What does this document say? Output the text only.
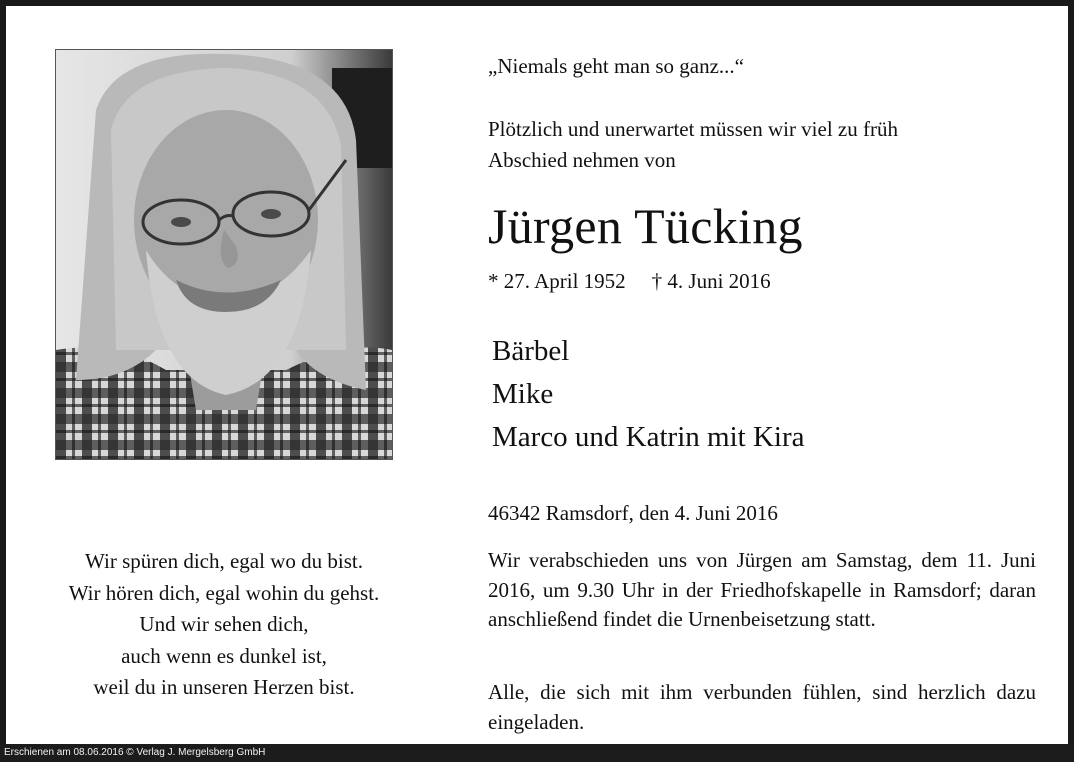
Wir spüren dich, egal wo du bist.
Wir hören dich, egal wohin du gehst.
Und wir sehen dich,
auch wenn es dunkel ist,
weil du in unseren Herzen bist.
„Niemals geht man so ganz...“
Plötzlich und unerwartet müssen wir viel zu früh
Abschied nehmen von
Jürgen Tücking
* 27. April 1952 † 4. Juni 2016
Bärbel
Mike
Marco und Katrin mit Kira
46342 Ramsdorf, den 4. Juni 2016
Wir verabschieden uns von Jürgen am Samstag, dem 11. Juni 2016, um 9.30 Uhr in der Friedhofskapelle in Ramsdorf; daran anschließend findet die Urnenbeisetzung statt.
Alle, die sich mit ihm verbunden fühlen, sind herzlich dazu eingeladen.
Erschienen am 08.06.2016 © Verlag J. Mergelsberg GmbH
